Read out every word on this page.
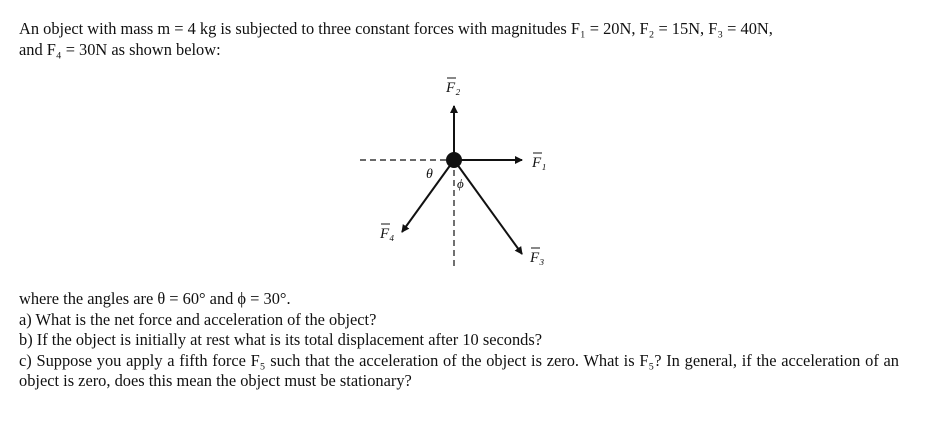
An object with mass m = 4 kg is subjected to three constant forces with magnitudes F₁ = 20N, F₂ = 15N, F₃ = 40N,
and F₄ = 30N as shown below:
F₂
F₁
F₃
F₄
θ
ϕ
where the angles are θ = 60° and ϕ = 30°.
a) What is the net force and acceleration of the object?
b) If the object is initially at rest what is its total displacement after 10 seconds?
c) Suppose you apply a fifth force F₅ such that the acceleration of the object is zero. What is F₅? In general, if the acceleration of an object is zero, does this mean the object must be stationary?
